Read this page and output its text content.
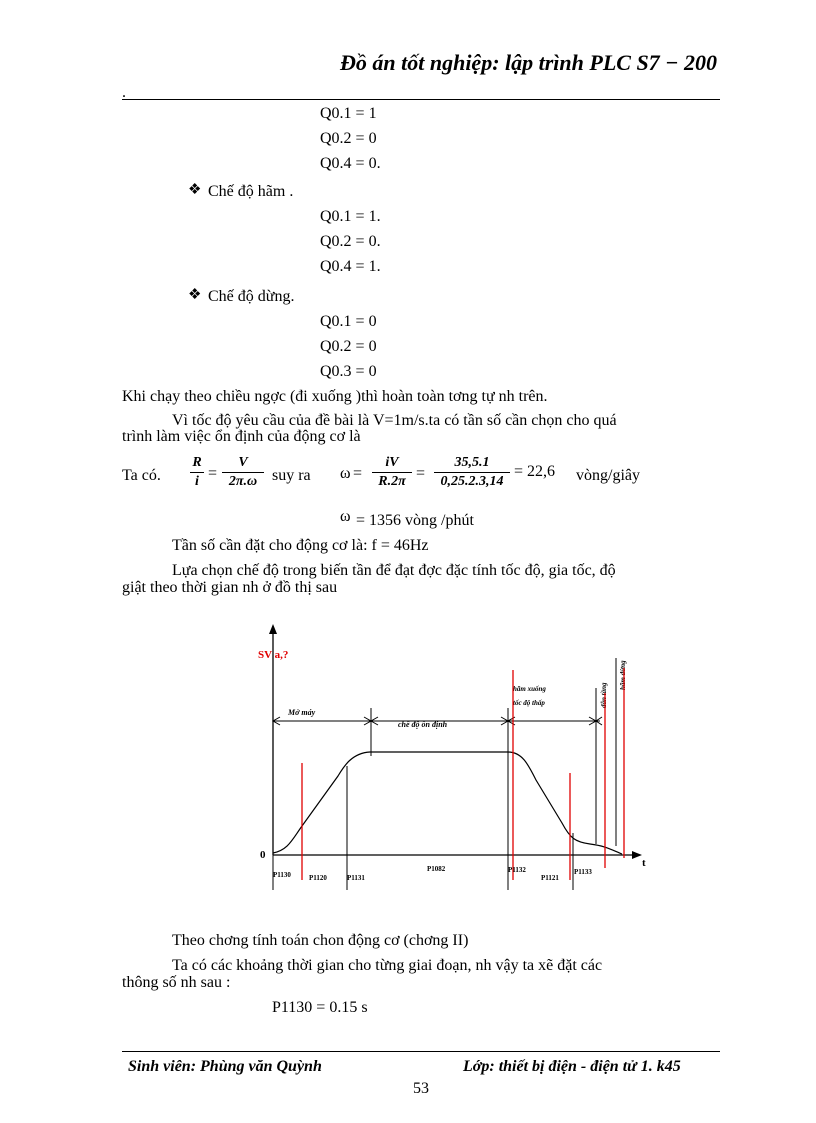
Đồ án tốt nghiệp: lập trình PLC S7 − 200
.
Q0.1 = 1
Q0.2 = 0
Q0.4 = 0.
❖ Chế độ hãm .
Q0.1 = 1.
Q0.2 = 0.
Q0.4 = 1.
❖ Chế độ dừng.
Q0.1 = 0
Q0.2 = 0
Q0.3 = 0
Khi chạy theo chiều ngợc (đi xuống )thì hoàn toàn tơng tự nh trên.
Vì tốc độ yêu cầu của đề bài là V=1m/s.ta có tần số cần chọn cho quá
trình làm việc ổn định của động cơ là
Ta có. $\frac{R}{i} = \frac{V}{2\pi.\omega}$ suy ra $\omega = \frac{iV}{R.2\pi} = \frac{35,5.1}{0,25.2.3,14} = 22,6$ vòng/giây
ω = 1356 vòng /phút
Tần số cần đặt cho động cơ là: f = 46Hz
Lựa chọn chế độ trong biến tần để đạt đợc đặc tính tốc độ, gia tốc, độ
giật theo thời gian nh ở đồ thị sau
SV a,?
0
t
Mở máy
chế độ ổn định
hãm xuống
tốc độ thấp	dẫn tầng
hãm dừng
P1130	P1120	P1131
P1082	P1132
P1121
P1133
Theo chơng tính toán chon động cơ (chơng II)
Ta có các khoảng thời gian cho từng giai đoạn, nh vậy ta xẽ đặt các
thông số nh sau :
P1130 = 0.15 s
Sinh viên: Phùng văn Quỳnh	Lớp: thiết bị điện - điện tử 1. k45
53
